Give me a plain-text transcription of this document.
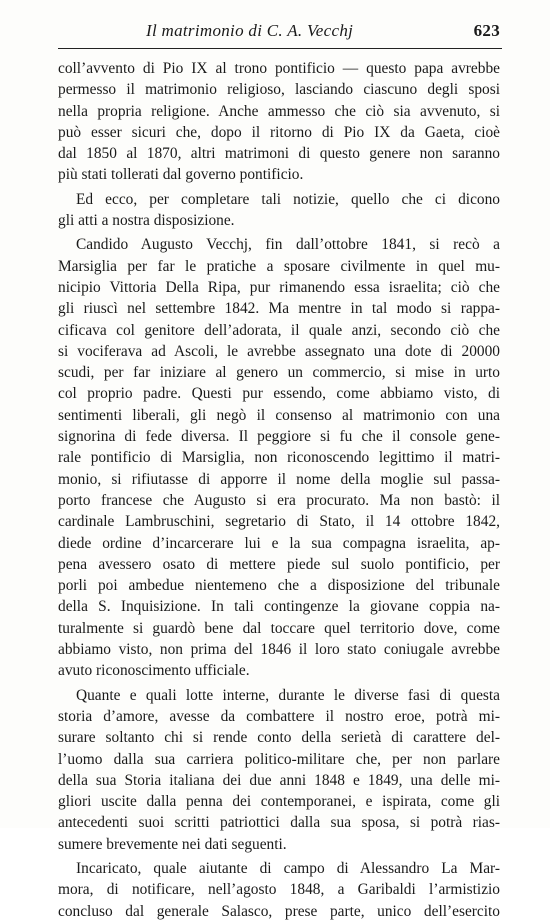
Il matrimonio di C. A. Vecchj	623
coll’avvento di Pio IX al trono pontificio — questo papa avrebbe
permesso il matrimonio religioso, lasciando ciascuno degli sposi
nella propria religione. Anche ammesso che ciò sia avvenuto, si
può esser sicuri che, dopo il ritorno di Pio IX da Gaeta, cioè
dal 1850 al 1870, altri matrimoni di questo genere non saranno
più stati tollerati dal governo pontificio.
Ed ecco, per completare tali notizie, quello che ci dicono
gli atti a nostra disposizione.
Candido Augusto Vecchj, fin dall’ottobre 1841, si recò a
Marsiglia per far le pratiche a sposare civilmente in quel mu-
nicipio Vittoria Della Ripa, pur rimanendo essa israelita; ciò che
gli riuscì nel settembre 1842. Ma mentre in tal modo si rappa-
cificava col genitore dell’adorata, il quale anzi, secondo ciò che
si vociferava ad Ascoli, le avrebbe assegnato una dote di 20000
scudi, per far iniziare al genero un commercio, si mise in urto
col proprio padre. Questi pur essendo, come abbiamo visto, di
sentimenti liberali, gli negò il consenso al matrimonio con una
signorina di fede diversa. Il peggiore si fu che il console gene-
rale pontificio di Marsiglia, non riconoscendo legittimo il matri-
monio, si rifiutasse di apporre il nome della moglie sul passa-
porto francese che Augusto si era procurato. Ma non bastò: il
cardinale Lambruschini, segretario di Stato, il 14 ottobre 1842,
diede ordine d’incarcerare lui e la sua compagna israelita, ap-
pena avessero osato di mettere piede sul suolo pontificio, per
porli poi ambedue nientemeno che a disposizione del tribunale
della S. Inquisizione. In tali contingenze la giovane coppia na-
turalmente si guardò bene dal toccare quel territorio dove, come
abbiamo visto, non prima del 1846 il loro stato coniugale avrebbe
avuto riconoscimento ufficiale.
Quante e quali lotte interne, durante le diverse fasi di questa
storia d’amore, avesse da combattere il nostro eroe, potrà mi-
surare soltanto chi si rende conto della serietà di carattere del-
l’uomo dalla sua carriera politico-militare che, per non parlare
della sua Storia italiana dei due anni 1848 e 1849, una delle mi-
gliori uscite dalla penna dei contemporanei, e ispirata, come gli
antecedenti suoi scritti patriottici dalla sua sposa, si potrà rias-
sumere brevemente nei dati seguenti.
Incaricato, quale aiutante di campo di Alessandro La Mar-
mora, di notificare, nell’agosto 1848, a Garibaldi l’armistizio
concluso dal generale Salasco, prese parte, unico dell’esercito
